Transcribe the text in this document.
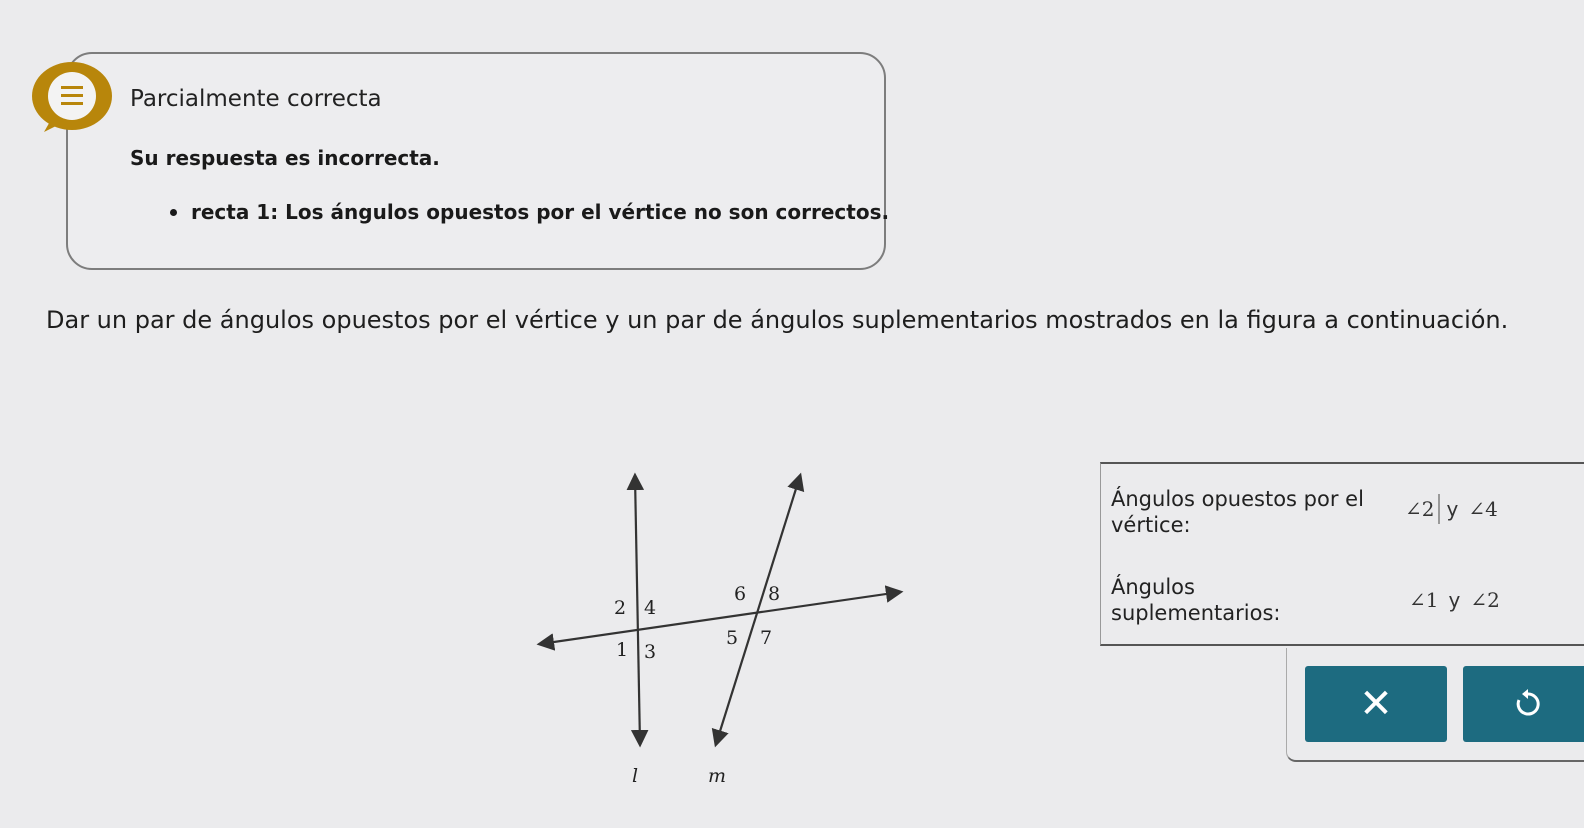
Parcialmente correcta
Su respuesta es incorrecta.
recta 1: Los ángulos opuestos por el vértice no son correctos.
Dar un par de ángulos opuestos por el vértice y un par de ángulos suplementarios mostrados en la figura a continuación.
2 4
1 3
6 8
5 7
l	m
Ángulos opuestos por el
vértice:
∠2 y ∠4
Ángulos
suplementarios:
∠1 y ∠2
✕
